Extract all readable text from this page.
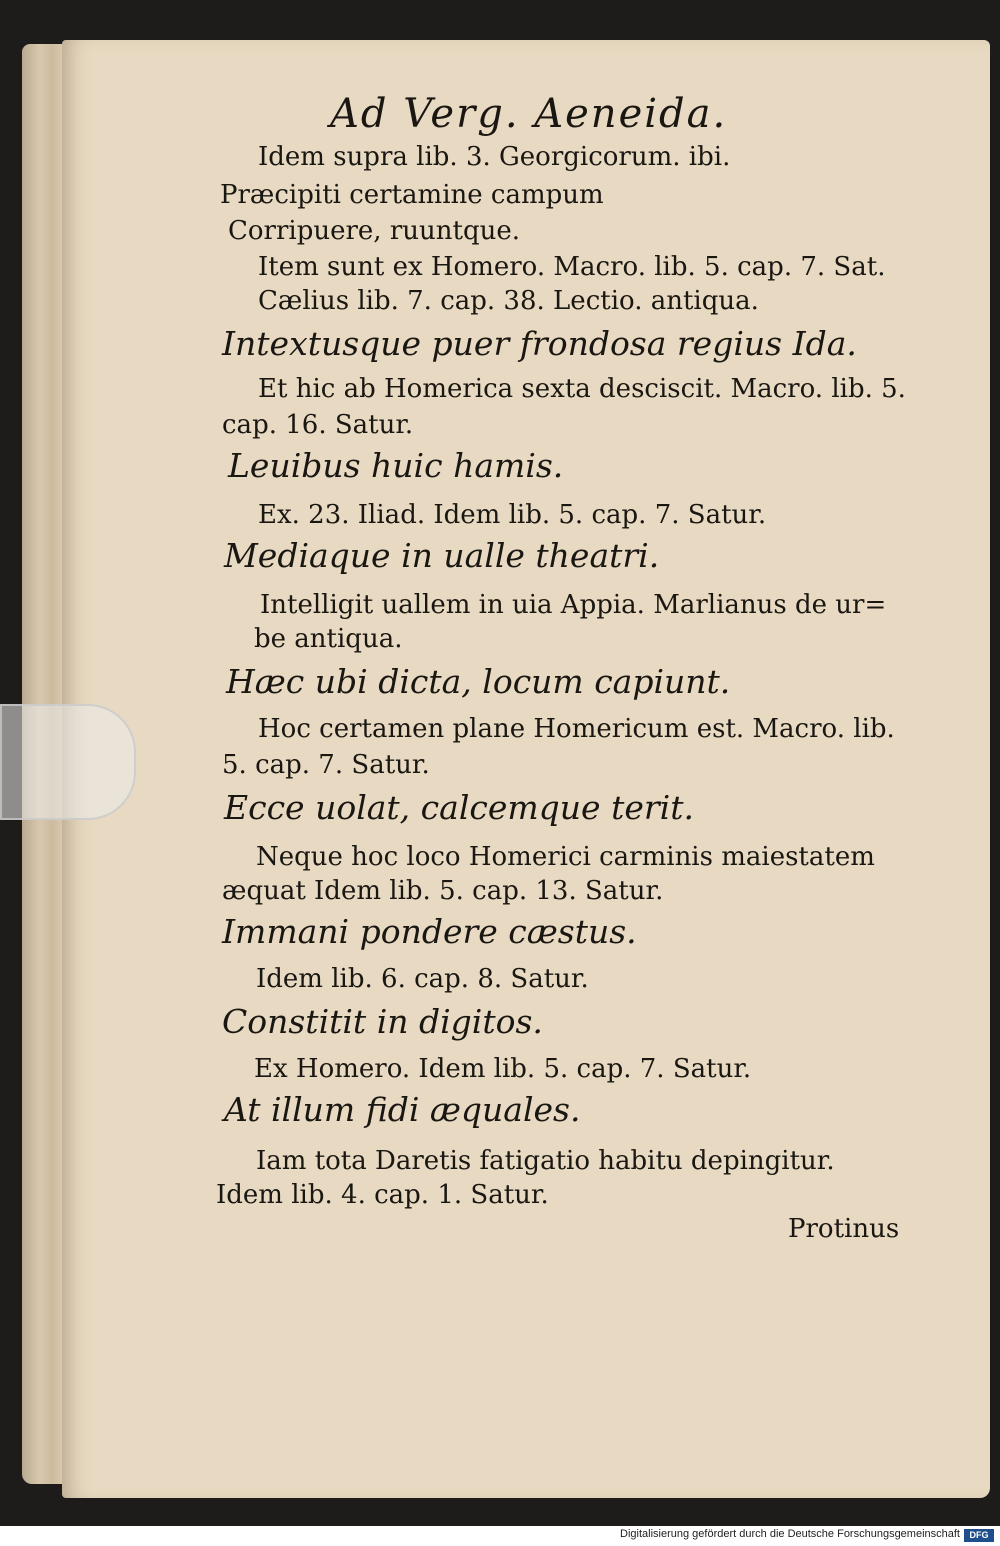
Ad Verg. Aeneida.
Idem supra lib. 3. Georgicorum. ibi.
Præcipiti certamine campum
Corripuere, ruuntque.
Item sunt ex Homero. Macro. lib. 5. cap. 7. Sat.
Cælius lib. 7. cap. 38. Lectio. antiqua.
Intextusque puer frondosa regius Ida.
Et hic ab Homerica sexta desciscit. Macro. lib. 5.
cap. 16. Satur.
Leuibus huic hamis.
Ex. 23. Iliad. Idem lib. 5. cap. 7. Satur.
Mediaque in ualle theatri.
Intelligit uallem in uia Appia. Marlianus de ur=
be antiqua.
Hæc ubi dicta, locum capiunt.
Hoc certamen plane Homericum est. Macro. lib.
5. cap. 7. Satur.
Ecce uolat, calcemque terit.
Neque hoc loco Homerici carminis maiestatem
æquat Idem lib. 5. cap. 13. Satur.
Immani pondere cæstus.
Idem lib. 6. cap. 8. Satur.
Constitit in digitos.
Ex Homero. Idem lib. 5. cap. 7. Satur.
At illum fidi æquales.
Iam tota Daretis fatigatio habitu depingitur.
Idem lib. 4. cap. 1. Satur.
Protinus
Digitalisierung gefördert durch die Deutsche Forschungsgemeinschaft	DFG
